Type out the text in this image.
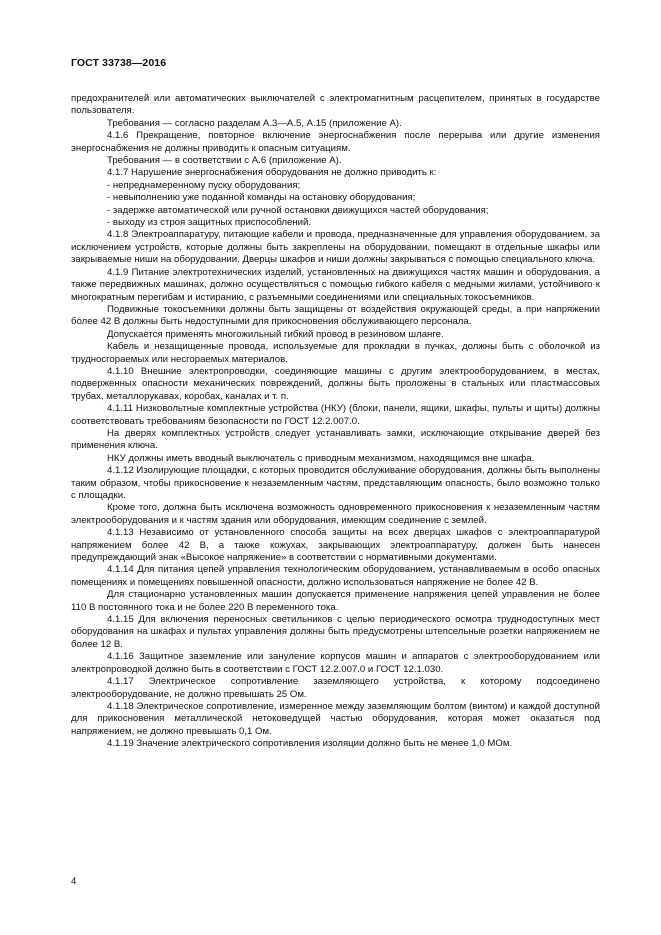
ГОСТ 33738—2016

предохранителей или автоматических выключателей с электромагнитным расцепителем, принятых в государстве пользователя.

Требования — согласно разделам А.3—А.5, А.15 (приложение А).

4.1.6 Прекращение, повторное включение энергоснабжения после перерыва или другие изменения энергоснабжения не должны приводить к опасным ситуациям.

Требования — в соответствии с А.6 (приложение А).

4.1.7 Нарушение энергоснабжения оборудования не должно приводить к:

- непреднамеренному пуску оборудования;
- невыполнению уже поданной команды на остановку оборудования;
- задержке автоматической или ручной остановки движущихся частей оборудования;
- выходу из строя защитных приспособлений.

4.1.8 Электроаппаратуру, питающие кабели и провода, предназначенные для управления оборудованием, за исключением устройств, которые должны быть закреплены на оборудовании, помещают в отдельные шкафы или закрываемые ниши на оборудовании. Дверцы шкафов и ниши должны закрываться с помощью специального ключа.

4.1.9 Питание электротехнических изделий, установленных на движущихся частях машин и оборудования, а также передвижных машинах, должно осуществляться с помощью гибкого кабеля с медными жилами, устойчивого к многократным перегибам и истиранию, с разъемными соединениями или специальных токосъемников.

Подвижные токосъемники должны быть защищены от воздействия окружающей среды, а при напряжении более 42 В должны быть недоступными для прикосновения обслуживающего персонала.

Допускается применять многожильный гибкий провод в резиновом шланге.

Кабель и незащищенные провода, используемые для прокладки в пучках, должны быть с оболочкой из трудносгораемых или несгораемых материалов.

4.1.10 Внешние электропроводки, соединяющие машины с другим электрооборудованием, в местах, подверженных опасности механических повреждений, должны быть проложены в стальных или пластмассовых трубах, металлорукавах, коробах, каналах и т. п.

4.1.11 Низковольтные комплектные устройства (НКУ) (блоки, панели, ящики, шкафы, пульты и щиты) должны соответствовать требованиям безопасности по ГОСТ 12.2.007.0.

На дверях комплектных устройств следует устанавливать замки, исключающие открывание дверей без применения ключа.

НКУ должны иметь вводный выключатель с приводным механизмом, находящимся вне шкафа.

4.1.12 Изолирующие площадки, с которых проводится обслуживание оборудования, должны быть выполнены таким образом, чтобы прикосновение к незаземленным частям, представляющим опасность, было возможно только с площадки.

Кроме того, должна быть исключена возможность одновременного прикосновения к незаземленным частям электрооборудования и к частям здания или оборудования, имеющим соединение с землей.

4.1.13 Независимо от установленного способа защиты на всех дверцах шкафов с электроаппаратурой напряжением более 42 В, а также кожухах, закрывающих электроаппаратуру, должен быть нанесен предупреждающий знак «Высокое напряжение» в соответствии с нормативными документами.

4.1.14 Для питания цепей управления технологическим оборудованием, устанавливаемым в особо опасных помещениях и помещениях повышенной опасности, должно использоваться напряжение не более 42 В.

Для стационарно установленных машин допускается применение напряжения цепей управления не более 110 В постоянного тока и не более 220 В переменного тока.

4.1.15 Для включения переносных светильников с целью периодического осмотра труднодоступных мест оборудования на шкафах и пультах управления должны быть предусмотрены штепсельные розетки напряжением не более 12 В.

4.1.16 Защитное заземление или зануление корпусов машин и аппаратов с электрооборудованием или электропроводкой должно быть в соответствии с ГОСТ 12.2.007.0 и ГОСТ 12.1.030.

4.1.17 Электрическое сопротивление заземляющего устройства, к которому подсоединено электрооборудование, не должно превышать 25 Ом.

4.1.18 Электрическое сопротивление, измеренное между заземляющим болтом (винтом) и каждой доступной для прикосновения металлической нетоковедущей частью оборудования, которая может оказаться под напряжением, не должно превышать 0,1 Ом.

4.1.19 Значение электрического сопротивления изоляции должно быть не менее 1,0 МОм.

4
